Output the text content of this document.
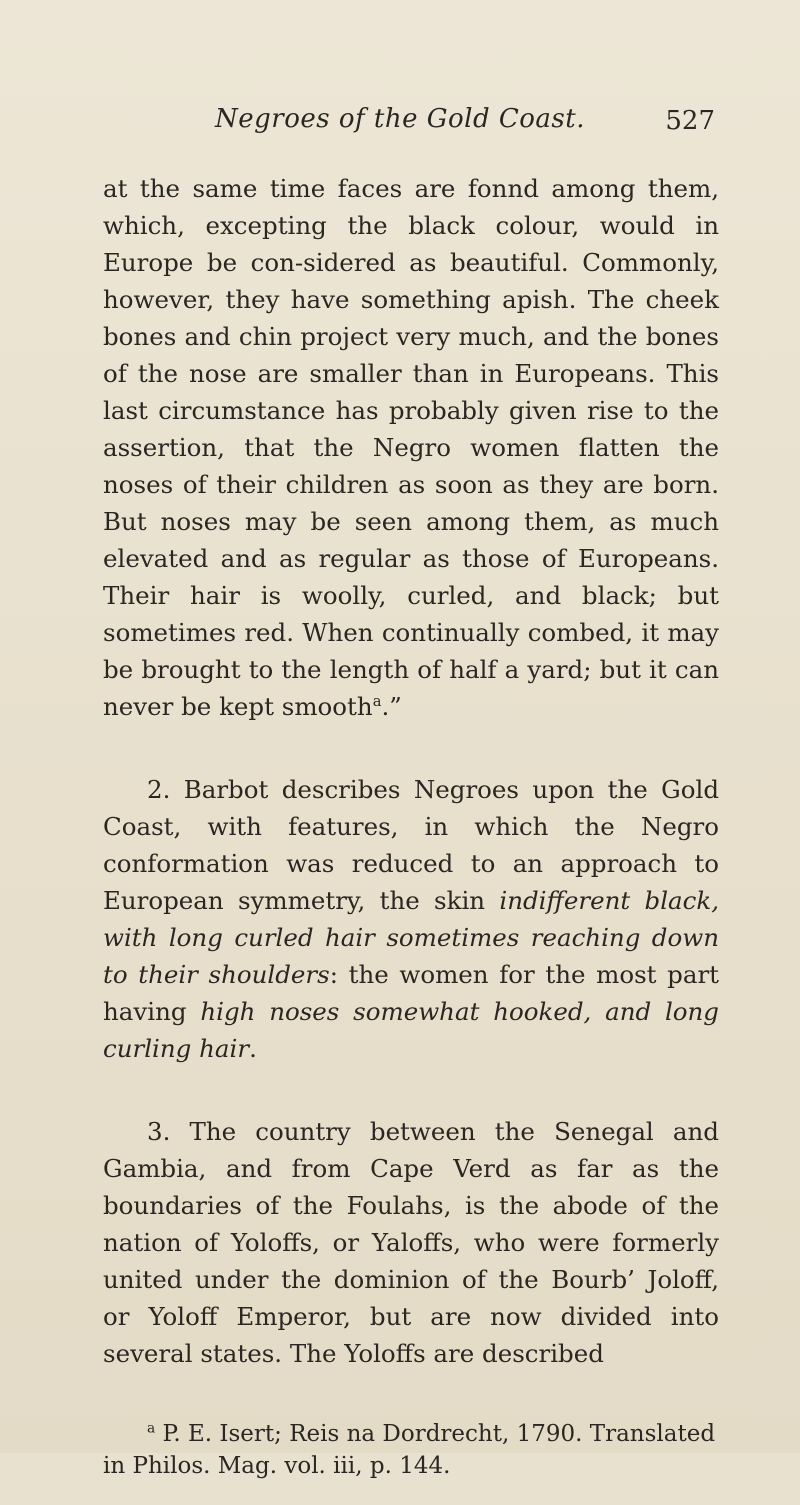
Negroes of the Gold Coast.	527

at the same time faces are fonnd among them, which, excepting the black colour, would in Europe be con-sidered as beautiful. Commonly, however, they have something apish. The cheek bones and chin project very much, and the bones of the nose are smaller than in Europeans. This last circumstance has probably given rise to the assertion, that the Negro women flatten the noses of their children as soon as they are born. But noses may be seen among them, as much elevated and as regular as those of Europeans. Their hair is woolly, curled, and black; but sometimes red. When continually combed, it may be brought to the length of half a yard; but it can never be kept smooth$^a$.”

2. Barbot describes Negroes upon the Gold Coast, with features, in which the Negro conformation was reduced to an approach to European symmetry, the skin indifferent black, with long curled hair sometimes reaching down to their shoulders: the women for the most part having high noses somewhat hooked, and long curling hair.

3. The country between the Senegal and Gambia, and from Cape Verd as far as the boundaries of the Foulahs, is the abode of the nation of Yoloffs, or Yaloffs, who were formerly united under the dominion of the Bourb’ Joloff, or Yoloff Emperor, but are now divided into several states. The Yoloffs are described

$^a$ P. E. Isert; Reis na Dordrecht, 1790. Translated in Philos. Mag. vol. iii, p. 144.
